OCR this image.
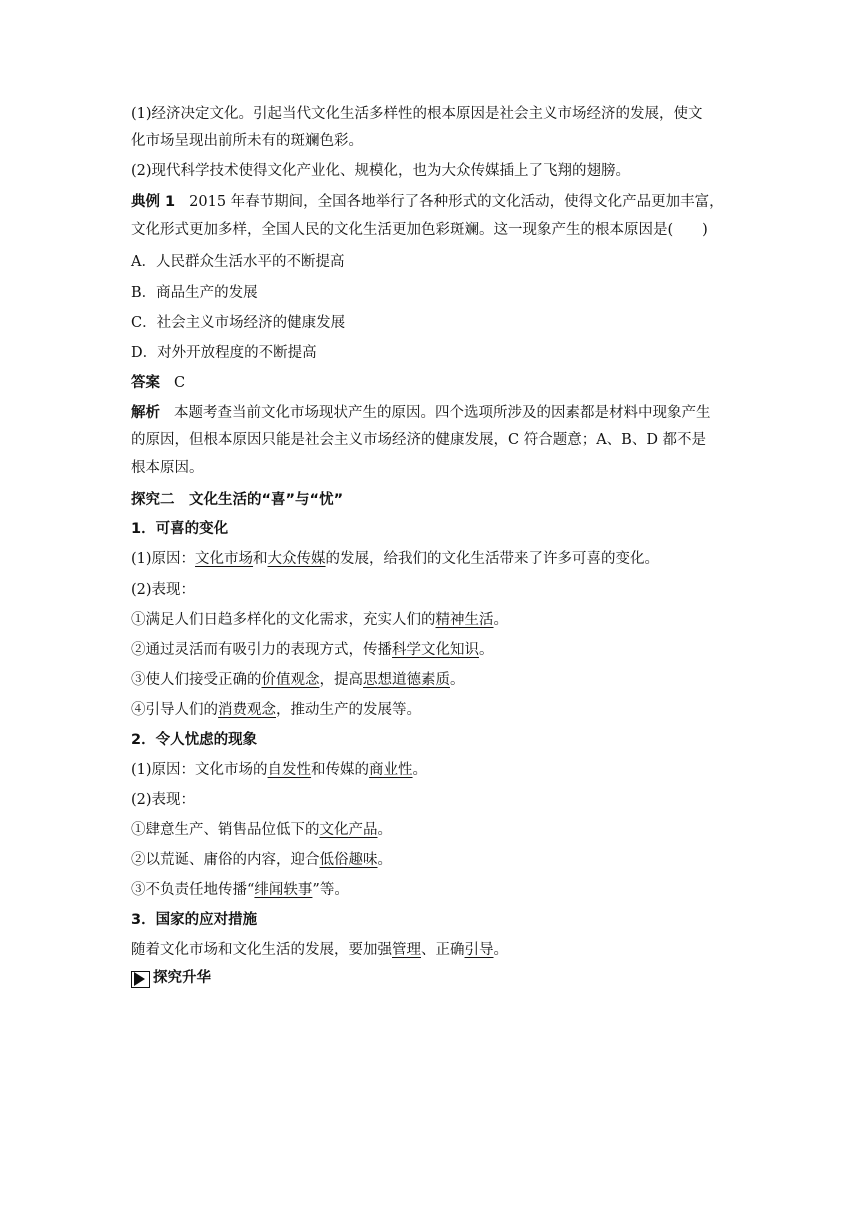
(1)经济决定文化。引起当代文化生活多样性的根本原因是社会主义市场经济的发展，使文
化市场呈现出前所未有的斑斓色彩。
(2)现代科学技术使得文化产业化、规模化，也为大众传媒插上了飞翔的翅膀。
典例 1 2015 年春节期间，全国各地举行了各种形式的文化活动，使得文化产品更加丰富，
文化形式更加多样，全国人民的文化生活更加色彩斑斓。这一现象产生的根本原因是(　　)
A．人民群众生活水平的不断提高
B．商品生产的发展
C．社会主义市场经济的健康发展
D．对外开放程度的不断提高
答案 C
解析 本题考查当前文化市场现状产生的原因。四个选项所涉及的因素都是材料中现象产生
的原因，但根本原因只能是社会主义市场经济的健康发展，C 符合题意；A、B、D 都不是
根本原因。
探究二　文化生活的“喜”与“忧”
1．可喜的变化
(1)原因：文化市场和大众传媒的发展，给我们的文化生活带来了许多可喜的变化。
(2)表现：
①满足人们日趋多样化的文化需求，充实人们的精神生活。
②通过灵活而有吸引力的表现方式，传播科学文化知识。
③使人们接受正确的价值观念，提高思想道德素质。
④引导人们的消费观念，推动生产的发展等。
2．令人忧虑的现象
(1)原因：文化市场的自发性和传媒的商业性。
(2)表现：
①肆意生产、销售品位低下的文化产品。
②以荒诞、庸俗的内容，迎合低俗趣味。
③不负责任地传播“绯闻轶事”等。
3．国家的应对措施
随着文化市场和文化生活的发展，要加强管理、正确引导。
探究升华
